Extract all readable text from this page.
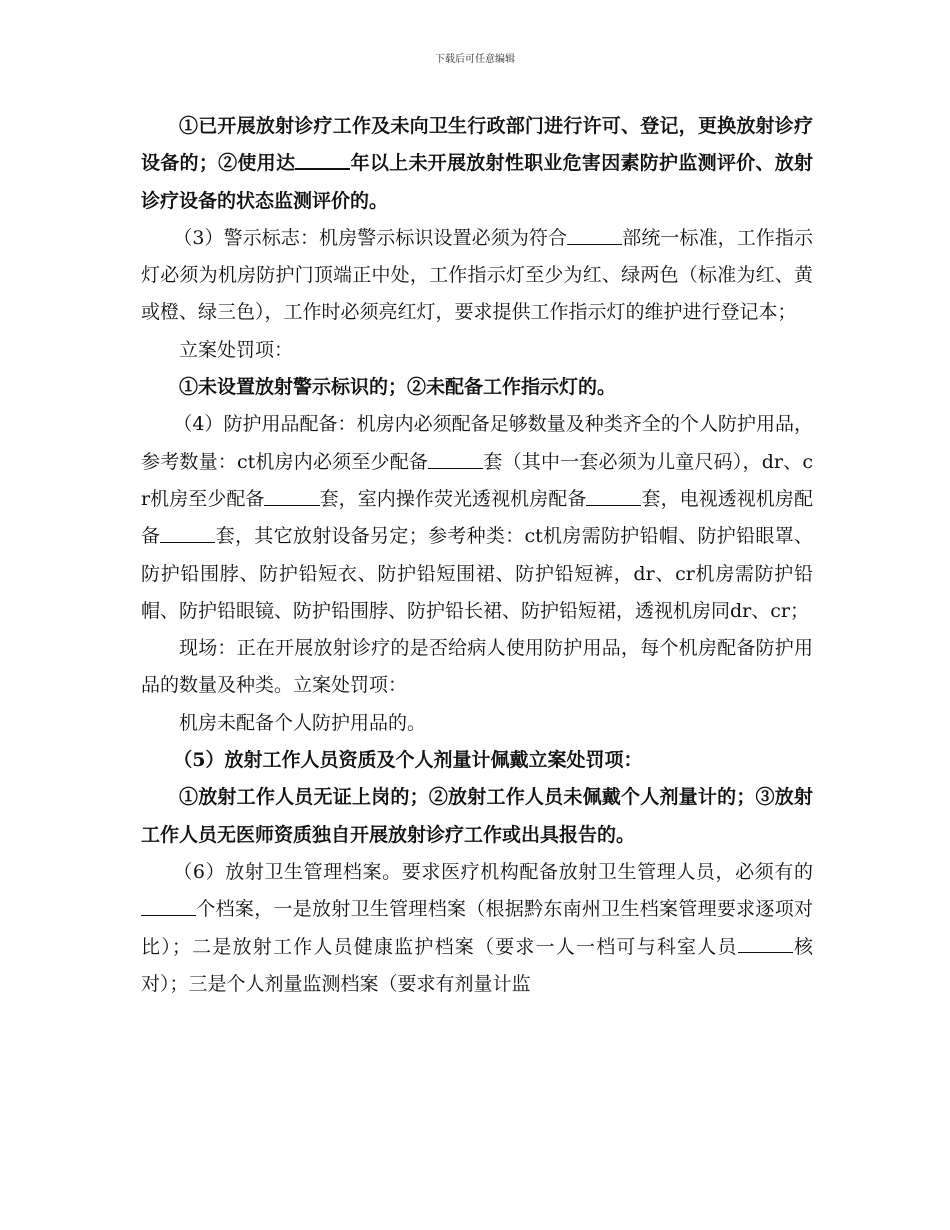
下载后可任意编辑

①已开展放射诊疗工作及未向卫生行政部门进行许可、登记，更换放射诊疗设备的；②使用达	年以上未开展放射性职业危害因素防护监测评价、放射诊疗设备的状态监测评价的。

（3）警示标志：机房警示标识设置必须为符合	部统一标准，工作指示灯必须为机房防护门顶端正中处，工作指示灯至少为红、绿两色（标准为红、黄或橙、绿三色），工作时必须亮红灯，要求提供工作指示灯的维护进行登记本；

立案处罚项：

①未设置放射警示标识的；②未配备工作指示灯的。

（4）防护用品配备：机房内必须配备足够数量及种类齐全的个人防护用品，参考数量：ct机房内必须至少配备	套（其中一套必须为儿童尺码），dr、cr机房至少配备	套，室内操作荧光透视机房配备	套，电视透视机房配备	套，其它放射设备另定；参考种类：ct机房需防护铅帽、防护铅眼罩、防护铅围脖、防护铅短衣、防护铅短围裙、防护铅短裤，dr、cr机房需防护铅帽、防护铅眼镜、防护铅围脖、防护铅长裙、防护铅短裙，透视机房同dr、cr；

现场：正在开展放射诊疗的是否给病人使用防护用品，每个机房配备防护用品的数量及种类。立案处罚项：

机房未配备个人防护用品的。

（5）放射工作人员资质及个人剂量计佩戴立案处罚项：

①放射工作人员无证上岗的；②放射工作人员未佩戴个人剂量计的；③放射工作人员无医师资质独自开展放射诊疗工作或出具报告的。

（6）放射卫生管理档案。要求医疗机构配备放射卫生管理人员，必须有的个档案，一是放射卫生管理档案（根据黔东南州卫生档案管理要求逐项对比）；二是放射工作人员健康监护档案（要求一人一档可与科室人员	核对）；三是个人剂量监测档案（要求有剂量计监
